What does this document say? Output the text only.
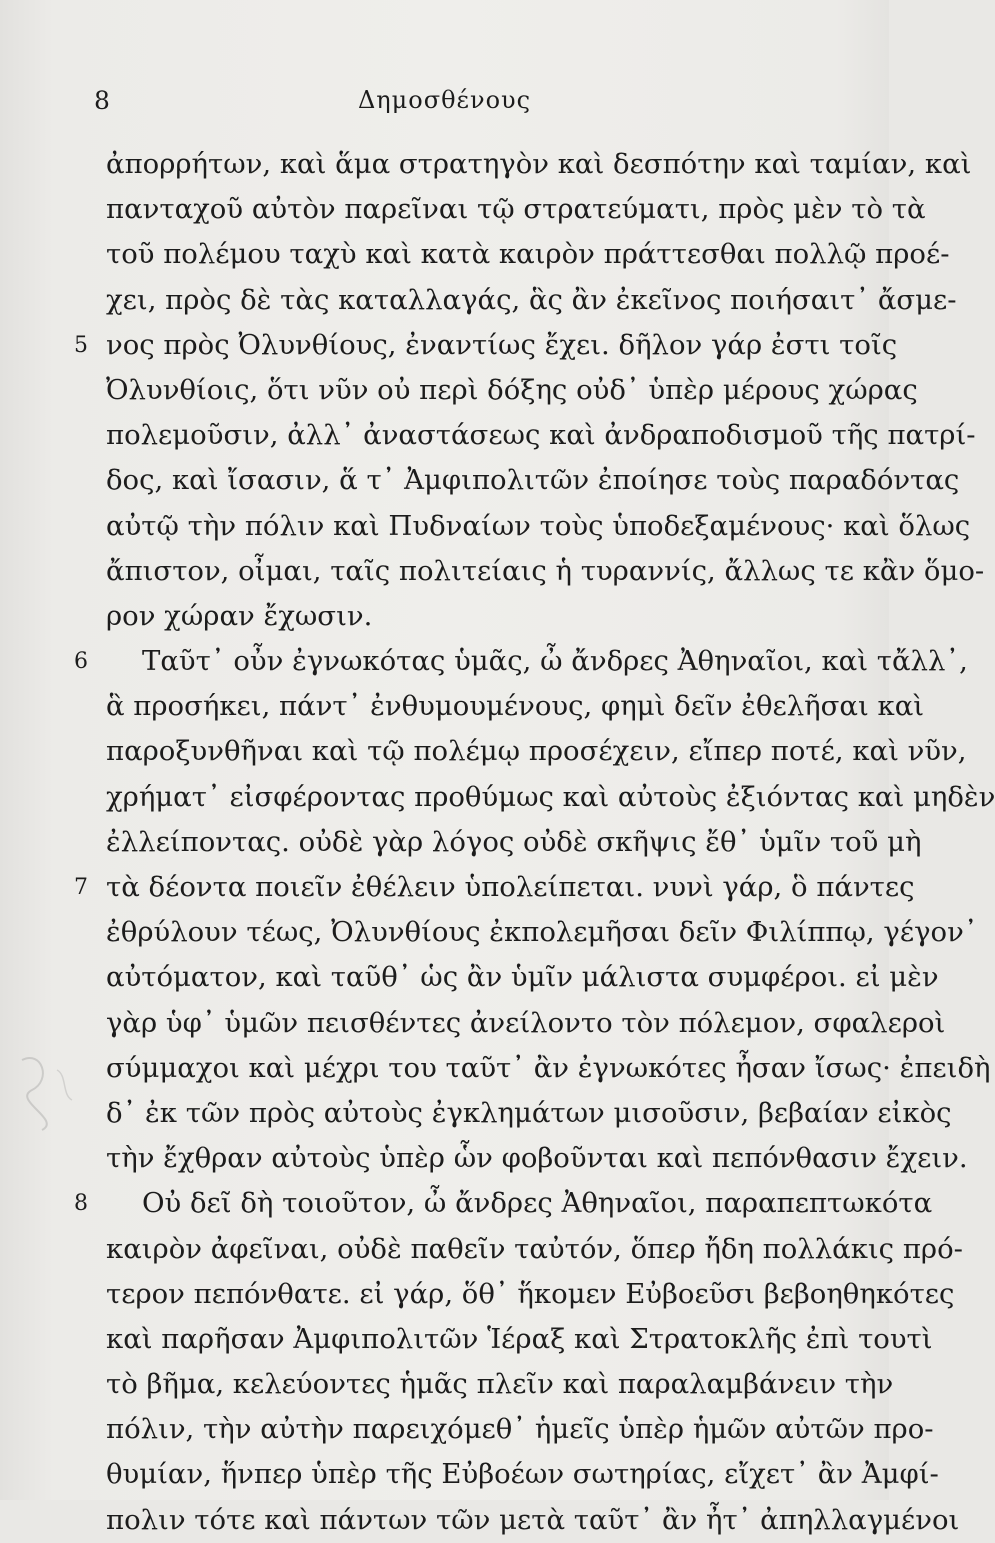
8	Δημοσθένους
ἀπορρήτων, καὶ ἅμα στρατηγὸν καὶ δεσπότην καὶ ταμίαν, καὶ
πανταχοῦ αὐτὸν παρεῖναι τῷ στρατεύματι, πρὸς μὲν τὸ τὰ
τοῦ πολέμου ταχὺ καὶ κατὰ καιρὸν πράττεσθαι πολλῷ προέ-
χει, πρὸς δὲ τὰς καταλλαγάς, ἃς ἂν ἐκεῖνος ποιήσαιτ᾽ ἄσμε-
5 νος πρὸς Ὀλυνθίους, ἐναντίως ἔχει. δῆλον γάρ ἐστι τοῖς
Ὀλυνθίοις, ὅτι νῦν οὐ περὶ δόξης οὐδ᾽ ὑπὲρ μέρους χώρας
πολεμοῦσιν, ἀλλ᾽ ἀναστάσεως καὶ ἀνδραποδισμοῦ τῆς πατρί-
δος, καὶ ἴσασιν, ἅ τ᾽ Ἀμφιπολιτῶν ἐποίησε τοὺς παραδόντας
αὐτῷ τὴν πόλιν καὶ Πυδναίων τοὺς ὑποδεξαμένους· καὶ ὅλως
ἄπιστον, οἶμαι, ταῖς πολιτείαις ἡ τυραννίς, ἄλλως τε κἂν ὅμο-
ρον χώραν ἔχωσιν.
6 Ταῦτ᾽ οὖν ἐγνωκότας ὑμᾶς, ὦ ἄνδρες Ἀθηναῖοι, καὶ τἄλλ᾽,
ἃ προσήκει, πάντ᾽ ἐνθυμουμένους, φημὶ δεῖν ἐθελῆσαι καὶ
παροξυνθῆναι καὶ τῷ πολέμῳ προσέχειν, εἴπερ ποτέ, καὶ νῦν,
χρήματ᾽ εἰσφέροντας προθύμως καὶ αὐτοὺς ἐξιόντας καὶ μηδὲν
ἐλλείποντας. οὐδὲ γὰρ λόγος οὐδὲ σκῆψις ἔθ᾽ ὑμῖν τοῦ μὴ
7 τὰ δέοντα ποιεῖν ἐθέλειν ὑπολείπεται. νυνὶ γάρ, ὃ πάντες
ἐθρύλουν τέως, Ὀλυνθίους ἐκπολεμῆσαι δεῖν Φιλίππῳ, γέγον᾽
αὐτόματον, καὶ ταῦθ᾽ ὡς ἂν ὑμῖν μάλιστα συμφέροι. εἰ μὲν
γὰρ ὑφ᾽ ὑμῶν πεισθέντες ἀνείλοντο τὸν πόλεμον, σφαλεροὶ
σύμμαχοι καὶ μέχρι του ταῦτ᾽ ἂν ἐγνωκότες ἦσαν ἴσως· ἐπειδὴ
δ᾽ ἐκ τῶν πρὸς αὐτοὺς ἐγκλημάτων μισοῦσιν, βεβαίαν εἰκὸς
τὴν ἔχθραν αὐτοὺς ὑπὲρ ὧν φοβοῦνται καὶ πεπόνθασιν ἔχειν.
8 Οὐ δεῖ δὴ τοιοῦτον, ὦ ἄνδρες Ἀθηναῖοι, παραπεπτωκότα
καιρὸν ἀφεῖναι, οὐδὲ παθεῖν ταὐτόν, ὅπερ ἤδη πολλάκις πρό-
τερον πεπόνθατε. εἰ γάρ, ὅθ᾽ ἥκομεν Εὐβοεῦσι βεβοηθηκότες
καὶ παρῆσαν Ἀμφιπολιτῶν Ἱέραξ καὶ Στρατοκλῆς ἐπὶ τουτὶ
τὸ βῆμα, κελεύοντες ἡμᾶς πλεῖν καὶ παραλαμβάνειν τὴν
πόλιν, τὴν αὐτὴν παρειχόμεθ᾽ ἡμεῖς ὑπὲρ ἡμῶν αὐτῶν προ-
θυμίαν, ἥνπερ ὑπὲρ τῆς Εὐβοέων σωτηρίας, εἴχετ᾽ ἂν Ἀμφί-
πολιν τότε καὶ πάντων τῶν μετὰ ταῦτ᾽ ἂν ἦτ᾽ ἀπηλλαγμένοι
